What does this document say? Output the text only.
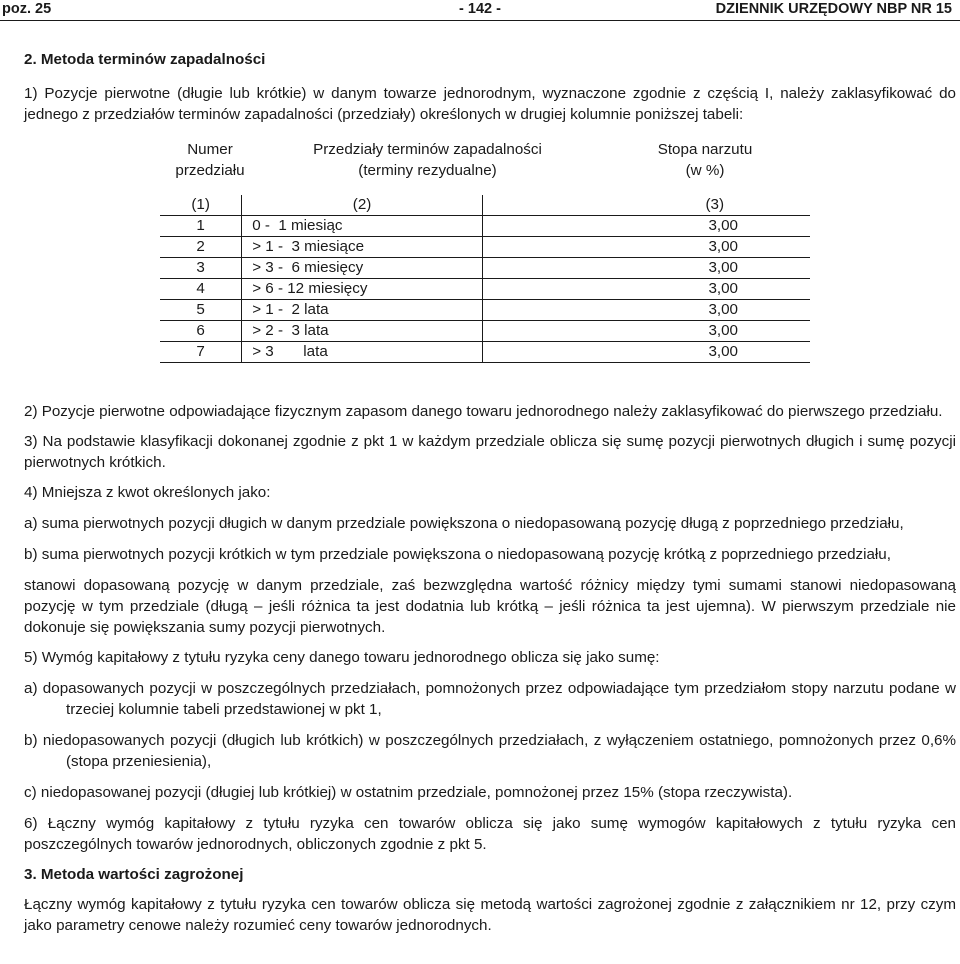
poz. 25	- 142 -	DZIENNIK URZĘDOWY NBP NR 15

2. Metoda terminów zapadalności

1) Pozycje pierwotne (długie lub krótkie) w danym towarze jednorodnym, wyznaczone zgodnie z częścią I, należy zaklasyfikować do jednego z przedziałów terminów zapadalności (przedziały) określonych w drugiej kolumnie poniższej tabeli:

Numer przedziału
Przedziały terminów zapadalności (terminy rezydualne)
Stopa narzutu (w %)
(1)	(2)	(3)
1	0 -  1 miesiąc	3,00
2	> 1 -  3 miesiące	3,00
3	> 3 -  6 miesięcy	3,00
4	> 6 - 12 miesięcy	3,00
5	> 1 -  2 lata	3,00
6	> 2 -  3 lata	3,00
7	> 3       lata	3,00

2) Pozycje pierwotne odpowiadające fizycznym zapasom danego towaru jednorodnego należy zaklasyfikować do pierwszego przedziału.

3) Na podstawie klasyfikacji dokonanej zgodnie z pkt 1 w każdym przedziale oblicza się sumę pozycji pierwotnych długich i sumę pozycji pierwotnych krótkich.

4) Mniejsza z kwot określonych jako:

a) suma pierwotnych pozycji długich w danym przedziale powiększona o niedopasowaną pozycję długą z poprzedniego przedziału,

b) suma pierwotnych pozycji krótkich w tym przedziale powiększona o niedopasowaną pozycję krótką z poprzedniego przedziału,

stanowi dopasowaną pozycję w danym przedziale, zaś bezwzględna wartość różnicy między tymi sumami stanowi niedopasowaną pozycję w tym przedziale (długą – jeśli różnica ta jest dodatnia lub krótką – jeśli różnica ta jest ujemna). W pierwszym przedziale nie dokonuje się powiększania sumy pozycji pierwotnych.

5) Wymóg kapitałowy z tytułu ryzyka ceny danego towaru jednorodnego oblicza się jako sumę:

a) dopasowanych pozycji w poszczególnych przedziałach, pomnożonych przez odpowiadające tym przedziałom stopy narzutu podane w trzeciej kolumnie tabeli przedstawionej w pkt 1,

b) niedopasowanych pozycji (długich lub krótkich) w poszczególnych przedziałach, z wyłączeniem ostatniego, pomnożonych przez 0,6% (stopa przeniesienia),

c) niedopasowanej pozycji (długiej lub krótkiej) w ostatnim przedziale, pomnożonej przez 15% (stopa rzeczywista).

6) Łączny wymóg kapitałowy z tytułu ryzyka cen towarów oblicza się jako sumę wymogów kapitałowych z tytułu ryzyka cen poszczególnych towarów jednorodnych, obliczonych zgodnie z pkt 5.

3. Metoda wartości zagrożonej

Łączny wymóg kapitałowy z tytułu ryzyka cen towarów oblicza się metodą wartości zagrożonej zgodnie z załącznikiem nr 12, przy czym jako parametry cenowe należy rozumieć ceny towarów jednorodnych.
